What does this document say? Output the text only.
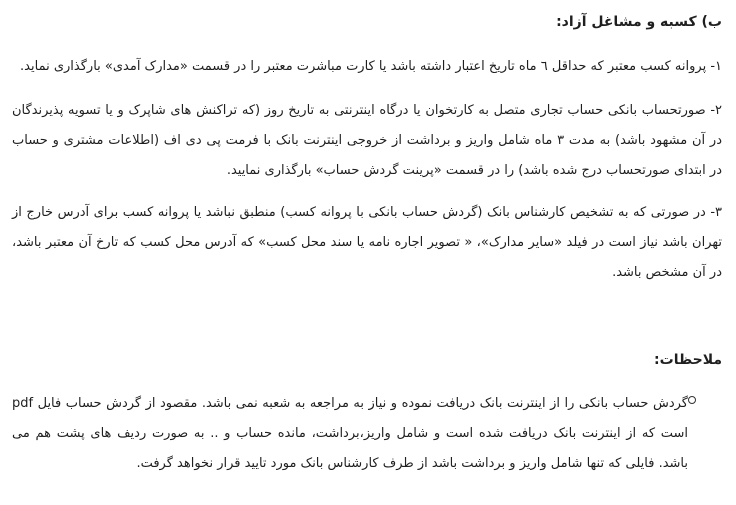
ب) کسبه و مشاغل آزاد:

۱- پروانه کسب معتبر که حداقل ٦ ماه تاریخ اعتبار داشته باشد یا کارت مباشرت معتبر را در قسمت «مدارک آمدی» بارگذاری نماید.

۲- صورتحساب بانکی حساب تجاری متصل به کارتخوان یا درگاه اینترنتی به تاریخ روز (که تراکنش های شاپرک و یا تسویه پذیرندگان در آن مشهود باشد) به مدت ۳ ماه شامل واریز و برداشت از خروجی اینترنت بانک با فرمت پی دی اف (اطلاعات مشتری و حساب در ابتدای صورتحساب درج شده باشد) را در قسمت «پرینت گردش حساب» بارگذاری نمایید.

۳- در صورتی که به تشخیص کارشناس بانک (گردش حساب بانکی با پروانه کسب) منطبق نباشد یا پروانه کسب برای آدرس خارج از تهران باشد نیاز است در فیلد «سایر مدارک»، « تصویر اجاره نامه یا سند محل کسب» که آدرس محل کسب که تارخ آن معتبر باشد، در آن مشخص باشد.

ملاحظات:

گردش حساب بانکی را از اینترنت بانک دریافت نموده و نیاز به مراجعه به شعبه نمی باشد. مقصود از گردش حساب فایل pdf است که از اینترنت بانک دریافت شده است و شامل واریز،برداشت، مانده حساب و .. به صورت ردیف های پشت هم می باشد. فایلی که تنها شامل واریز و برداشت باشد از طرف کارشناس بانک مورد تایید قرار نخواهد گرفت.
